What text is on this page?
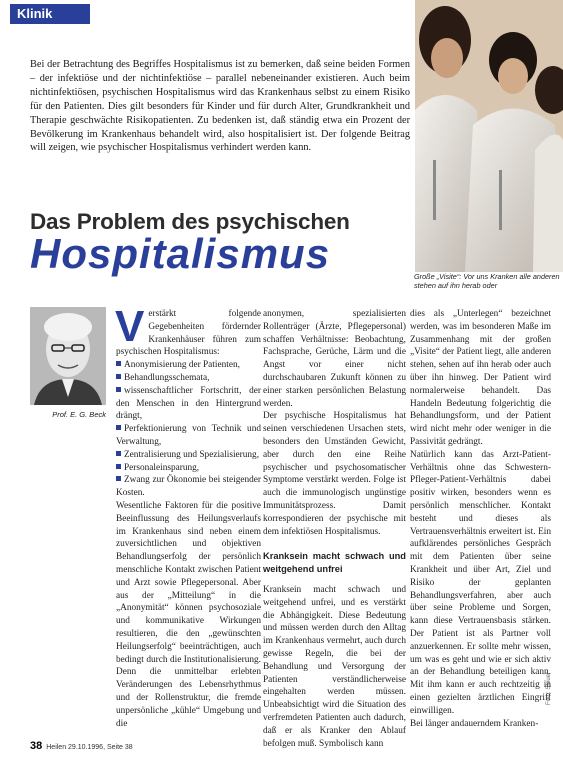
Klinik
Bei der Betrachtung des Begriffes Hospitalismus ist zu bemerken, daß seine beiden Formen – der infektiöse und der nichtinfektiöse – parallel nebeneinander existieren. Auch beim nichtinfektiösen, psychischen Hospitalismus wird das Krankenhaus selbst zu einem Risiko für den Patienten. Dies gilt besonders für Kinder und für durch Alter, Grundkrankheit und Therapie geschwächte Risikopatienten. Zu bedenken ist, daß ständig etwa ein Prozent der Bevölkerung im Krankenhaus behandelt wird, also hospitalisiert ist. Der folgende Beitrag will zeigen, wie psychischer Hospitalismus verhindert werden kann.
Große „Visite“: Vor uns Kranken alle anderen stehen auf ihn herab oder
Das Problem des psychischen
Hospitalismus
Prof. E. G. Beck
V erstärkt folgende Gegebenheiten fördernder Krankenhäuser führen zum psychischen Hospitalismus:

Anonymisierung der Patienten,
Behandlungsschemata,
wissenschaftlicher Fortschritt, der den Menschen in den Hintergrund drängt,
Perfektionierung von Technik und Verwaltung,
Zentralisierung und Spezialisierung,
Personaleinsparung,
Zwang zur Ökonomie bei steigender Kosten.

Wesentliche Faktoren für die positive Beeinflussung des Heilungsverlaufs im Krankenhaus sind neben einem zuversichtlichen und objektiven Behandlungserfolg der persönlich menschliche Kontakt zwischen Patient und Arzt sowie Pflegepersonal. Aber aus der „Mitteilung“ in die „Anonymität“ können psychosoziale und kommunikative Wirkungen resultieren, die den „gewünschten Heilungserfolg“ beeinträchtigen, auch bedingt durch die Institutionalisierung. Denn die unmittelbar erlebten Veränderungen des Lebensrhythmus und der Rollenstruktur, die fremde unpersönliche „kühle“ Umgebung und die

anonymen, spezialisierten Rollenträger (Ärzte, Pflegepersonal) schaffen Verhältnisse: Beobachtung, Fachsprache, Gerüche, Lärm und die Angst vor einer nicht durchschaubaren Zukunft können zu einer starken persönlichen Belastung werden.

Der psychische Hospitalismus hat seinen verschiedenen Ursachen stets, besonders den Umständen Gewicht, aber durch den eine Reihe psychischer und psychosomatischer Symptome verstärkt werden. Folge ist auch die immunologisch ungünstige Immunitätsprozess. Damit korrespondieren der psychische mit dem infektiösen Hospitalismus.

Kranksein macht schwach und weitgehend unfrei

Kranksein macht schwach und weitgehend unfrei, und es verstärkt die Abhängigkeit. Diese Bedeutung und müssen werden durch den Alltag im Krankenhaus vermehrt, auch durch gewisse Regeln, die bei der Behandlung und Versorgung der Patienten verständlicherweise eingehalten werden müssen. Unbeabsichtigt wird die Situation des verfremdeten Patienten auch dadurch, daß er als Kranker den Ablauf befolgen muß. Symbolisch kann

dies als „Unterlegen“ bezeichnet werden, was im besonderen Maße im Zusammenhang mit der großen „Visite“ der Patient liegt, alle anderen stehen, sehen auf ihn herab oder auch über ihn hinweg. Der Patient wird normalerweise behandelt. Das Handeln Bedeutung folgerichtig die Behandlungsform, und der Patient wird nicht mehr oder weniger in die Passivität gedrängt.

Natürlich kann das Arzt-Patient-Verhältnis ohne das Schwestern-Pfleger-Patient-Verhältnis dabei positiv wirken, besonders wenn es persönlich menschlicher. Kontakt besteht und dieses als Vertrauensverhältnis erweitert ist. Ein aufklärendes persönliches Gespräch mit dem Patienten über seine Krankheit und über Art, Ziel und Risiko der geplanten Behandlungsverfahren, aber auch über seine Probleme und Sorgen, kann diese Vertrauensbasis stärken. Der Patient ist als Partner voll anzuerkennen. Er sollte mehr wissen, um was es geht und wie er sich aktiv an der Behandlung beteiligen kann. Mit ihm kann er auch rechtzeitig in einen gezielten ärztlichen Eingriff einwilligen.

Bei länger andauerndem Kranken-

Foto: Steuer
38 Heilen 29.10.1996, Seite 38
